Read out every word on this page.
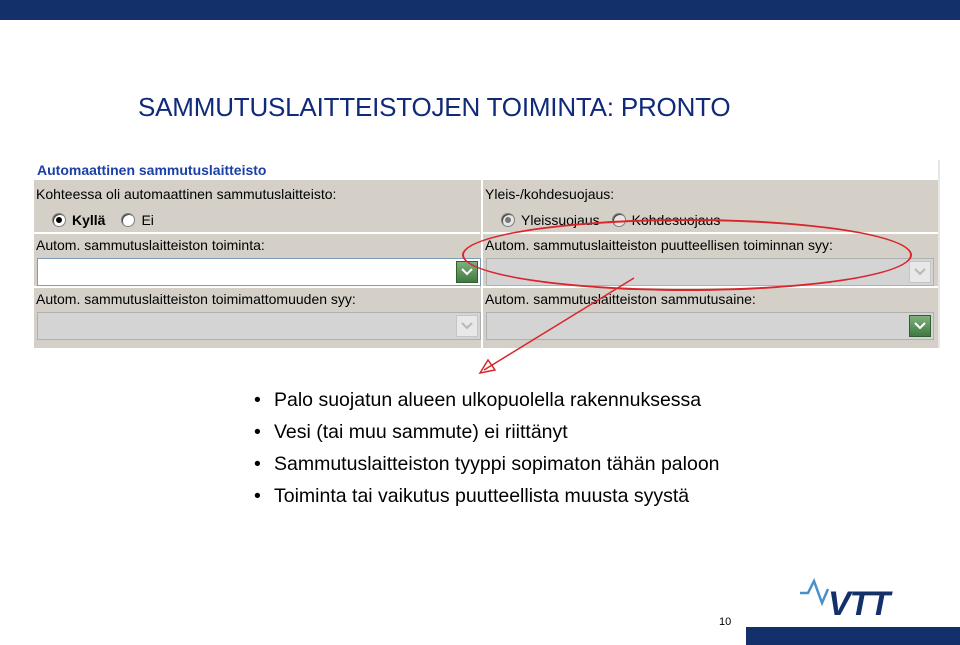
SAMMUTUSLAITTEISTOJEN TOIMINTA: PRONTO
Automaattinen sammutuslaitteisto
Kohteessa oli automaattinen sammutuslaitteisto:
Kyllä	Ei
Autom. sammutuslaitteiston toiminta:
Autom. sammutuslaitteiston toimimattomuuden syy:
Yleis-/kohdesuojaus:
Yleissuojaus Kohdesuojaus
Autom. sammutuslaitteiston puutteellisen toiminnan syy:
Autom. sammutuslaitteiston sammutusaine:
• Palo suojatun alueen ulkopuolella rakennuksessa
• Vesi (tai muu sammute) ei riittänyt
• Sammutuslaitteiston tyyppi sopimaton tähän paloon
• Toiminta tai vaikutus puutteellista muusta syystä
10	VTT
